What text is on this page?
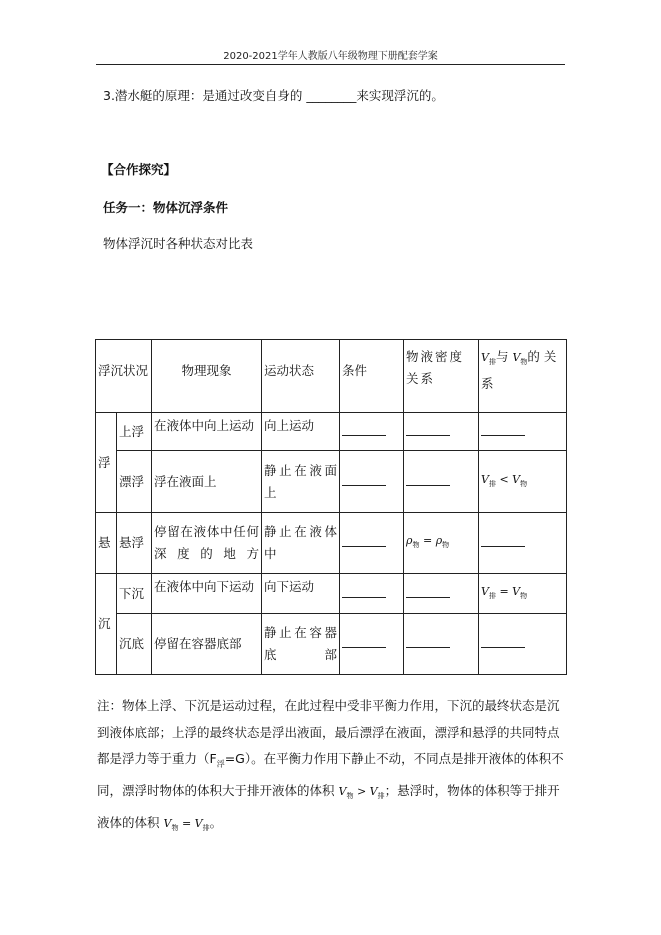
2020-2021学年人教版八年级物理下册配套学案
3.潜水艇的原理：是通过改变自身的 ________来实现浮沉的。
【合作探究】
任务一：物体沉浮条件
物体浮沉时各种状态对比表
浮沉状况		物理现象	运动状态	条件	物液密度关系	$V_排$与 $V_物$的关系
浮	上浮	在液体中向上运动	向上运动			
	漂浮	浮在液面上	静止在液面上			$V_排 < V_物$
悬	悬浮	停留在液体中任何深度的地方	静止在液体中		$\rho_物 = \rho_物$	
沉	下沉	在液体中向下运动	向下运动			$V_排 = V_物$
	沉底	停留在容器底部	静止在容器底部			
注：物体上浮、下沉是运动过程，在此过程中受非平衡力作用，下沉的最终状态是沉到液体底部；上浮的最终状态是浮出液面，最后漂浮在液面，漂浮和悬浮的共同特点都是浮力等于重力$(F_浮=G)$。在平衡力作用下静止不动，不同点是排开液体的体积不同，漂浮时物体的体积大于排开液体的体积 $V_物 > V_排$；悬浮时，物体的体积等于排开液体的体积 $V_物 = V_排$。
